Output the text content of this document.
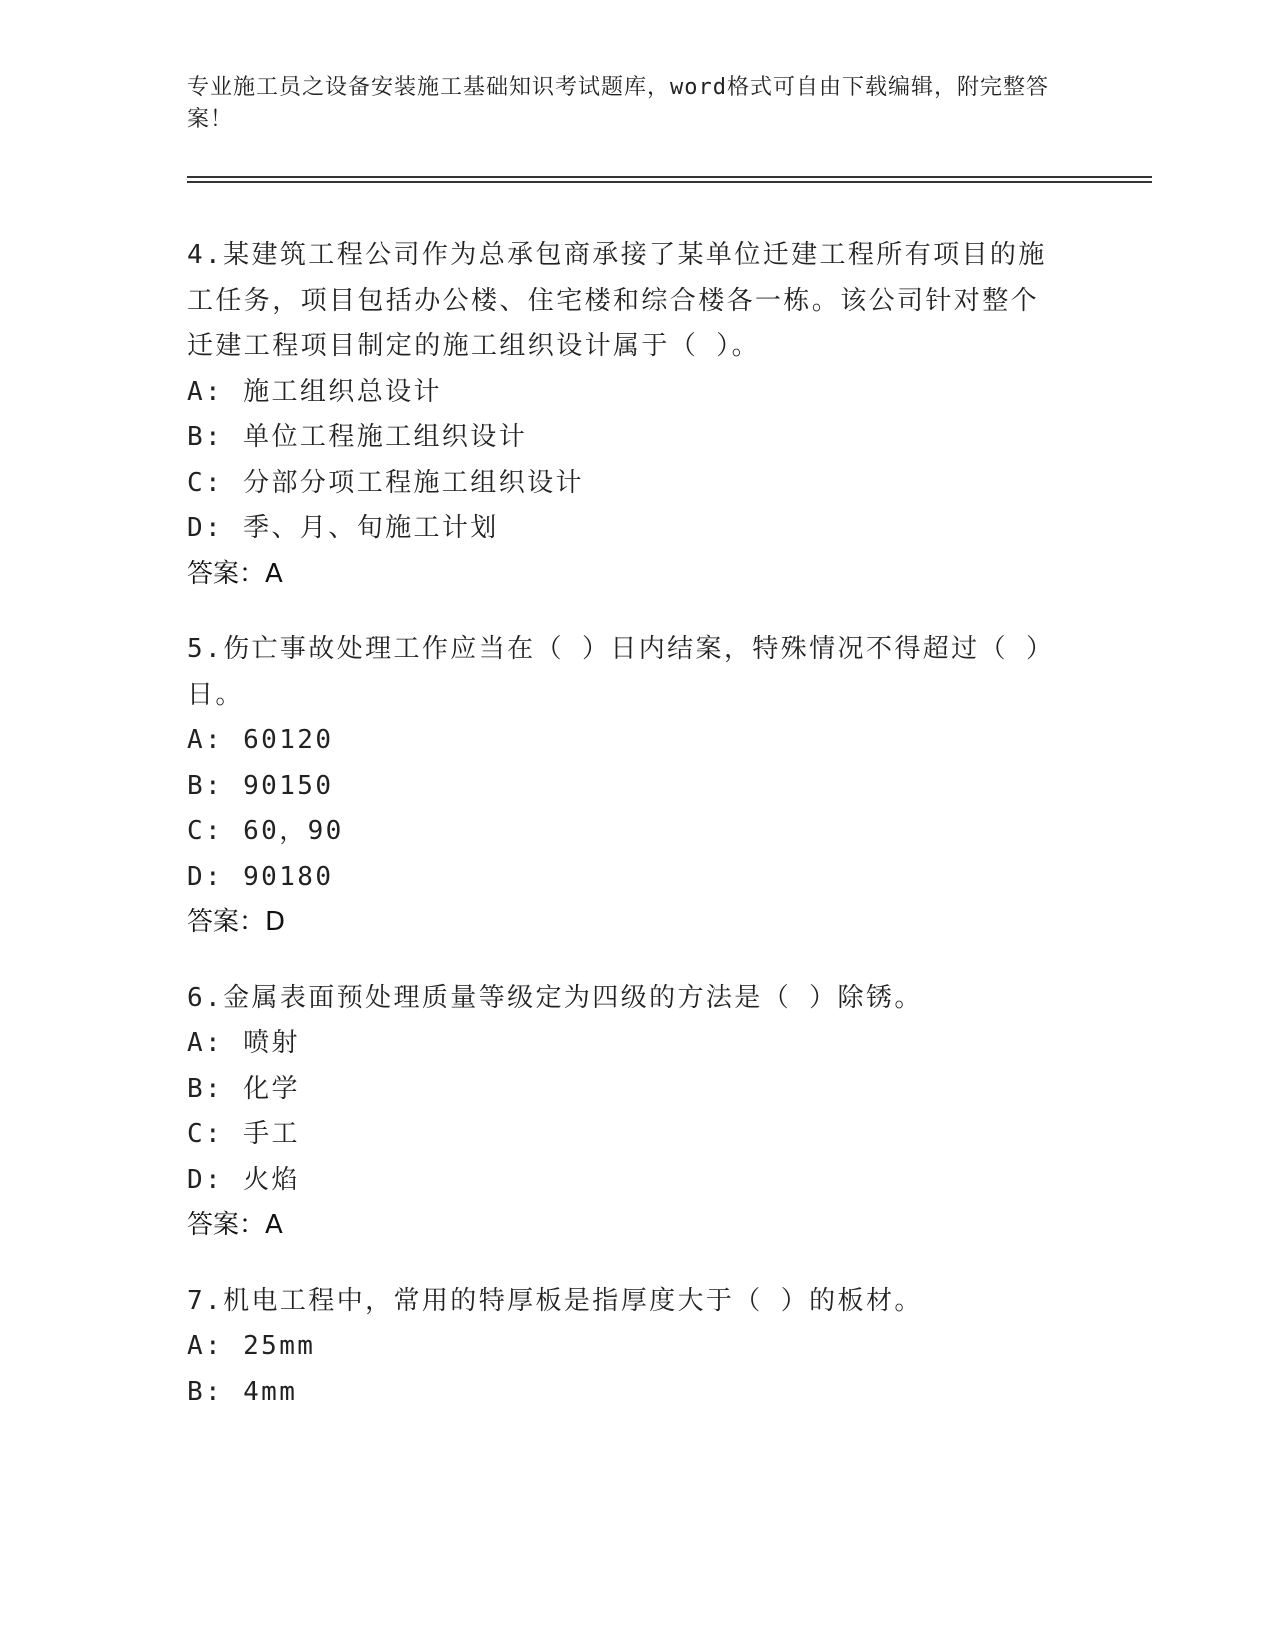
专业施工员之设备安装施工基础知识考试题库，word格式可自由下载编辑，附完整答案！

4.某建筑工程公司作为总承包商承接了某单位迁建工程所有项目的施工任务，项目包括办公楼、住宅楼和综合楼各一栋。该公司针对整个迁建工程项目制定的施工组织设计属于（ ）。

A: 施工组织总设计

B: 单位工程施工组织设计

C: 分部分项工程施工组织设计

D: 季、月、旬施工计划

答案：A

5.伤亡事故处理工作应当在（ ）日内结案，特殊情况不得超过（ ）日。

A: 60120

B: 90150

C: 60，90

D: 90180

答案：D

6.金属表面预处理质量等级定为四级的方法是（ ）除锈。

A: 喷射

B: 化学

C: 手工

D: 火焰

答案：A

7.机电工程中，常用的特厚板是指厚度大于（ ）的板材。

A: 25mm

B: 4mm
